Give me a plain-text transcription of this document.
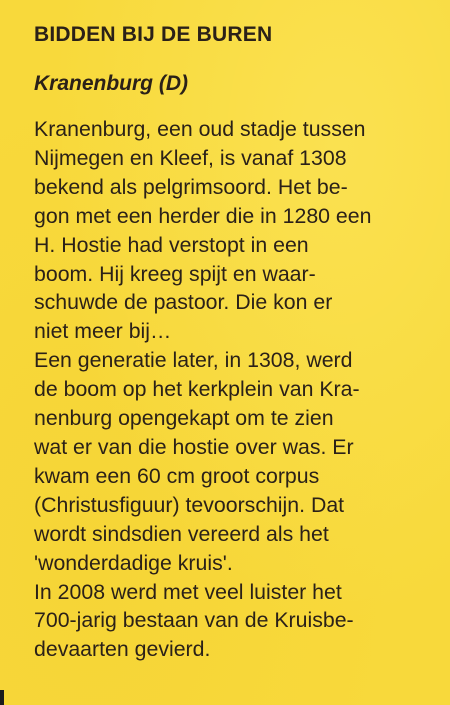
BIDDEN BIJ DE BUREN
Kranenburg (D)
Kranenburg, een oud stadje tussen
Nijmegen en Kleef, is vanaf 1308
bekend als pelgrimsoord. Het be-
gon met een herder die in 1280 een
H. Hostie had verstopt in een
boom. Hij kreeg spijt en waar-
schuwde de pastoor. Die kon er
niet meer bij…
Een generatie later, in 1308, werd
de boom op het kerkplein van Kra-
nenburg opengekapt om te zien
wat er van die hostie over was. Er
kwam een 60 cm groot corpus
(Christusfiguur) tevoorschijn. Dat
wordt sindsdien vereerd als het
'wonderdadige kruis'.
In 2008 werd met veel luister het
700-jarig bestaan van de Kruisbe-
devaarten gevierd.
